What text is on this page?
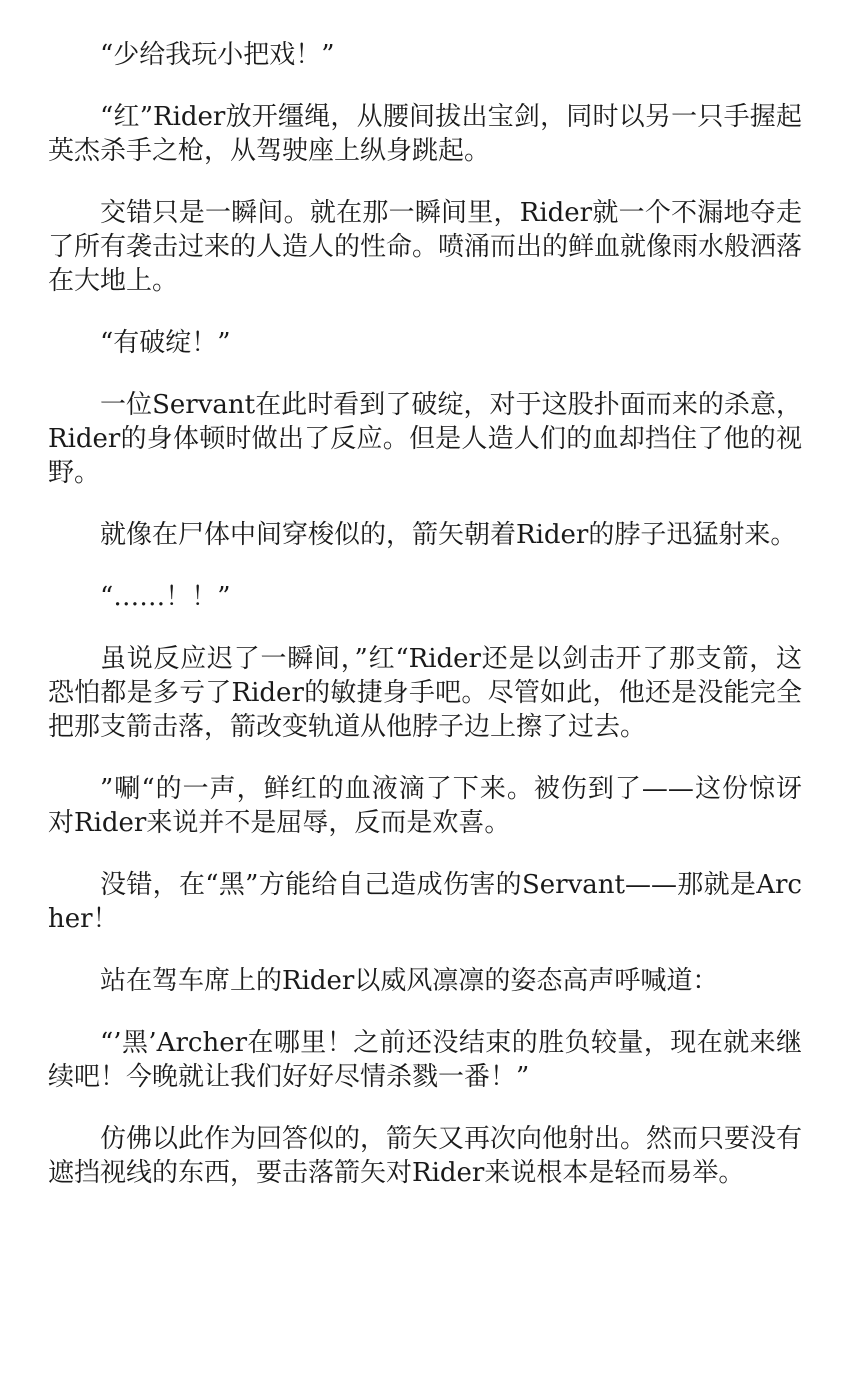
“少给我玩小把戏！”

“红”Rider放开缰绳，从腰间拔出宝剑，同时以另一只手握起英杰杀手之枪，从驾驶座上纵身跳起。

交错只是一瞬间。就在那一瞬间里，Rider就一个不漏地夺走了所有袭击过来的人造人的性命。喷涌而出的鲜血就像雨水般洒落在大地上。

“有破绽！”

一位Servant在此时看到了破绽，对于这股扑面而来的杀意，Rider的身体顿时做出了反应。但是人造人们的血却挡住了他的视野。

就像在尸体中间穿梭似的，箭矢朝着Rider的脖子迅猛射来。

“……！！”

虽说反应迟了一瞬间，”红“Rider还是以剑击开了那支箭，这恐怕都是多亏了Rider的敏捷身手吧。尽管如此，他还是没能完全把那支箭击落，箭改变轨道从他脖子边上擦了过去。

”唰“的一声，鲜红的血液滴了下来。被伤到了——这份惊讶对Rider来说并不是屈辱，反而是欢喜。

没错，在“黑”方能给自己造成伤害的Servant——那就是Archer！

站在驾车席上的Rider以威风凛凛的姿态高声呼喊道：

“’黑’Archer在哪里！之前还没结束的胜负较量，现在就来继续吧！今晚就让我们好好尽情杀戮一番！”

仿佛以此作为回答似的，箭矢又再次向他射出。然而只要没有遮挡视线的东西，要击落箭矢对Rider来说根本是轻而易举。
